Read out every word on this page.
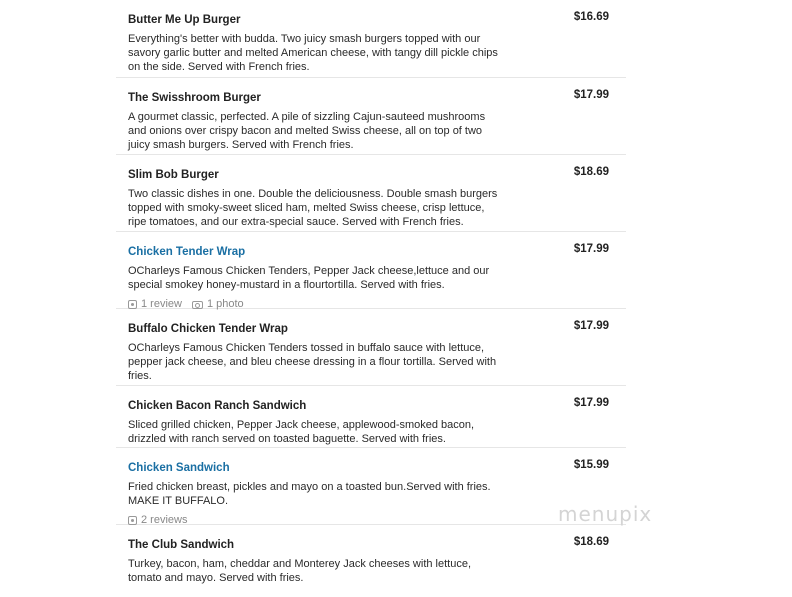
Butter Me Up Burger	$16.69

Everything's better with budda. Two juicy smash burgers topped with our savory garlic butter and melted American cheese, with tangy dill pickle chips on the side. Served with French fries.

The Swisshroom Burger	$17.99

A gourmet classic, perfected. A pile of sizzling Cajun-sauteed mushrooms and onions over crispy bacon and melted Swiss cheese, all on top of two juicy smash burgers. Served with French fries.

Slim Bob Burger	$18.69

Two classic dishes in one. Double the deliciousness. Double smash burgers topped with smoky-sweet sliced ham, melted Swiss cheese, crisp lettuce, ripe tomatoes, and our extra-special sauce. Served with French fries.

Chicken Tender Wrap	$17.99

OCharleys Famous Chicken Tenders, Pepper Jack cheese,lettuce and our special smokey honey-mustard in a flourtortilla. Served with fries.

1 review 1 photo
Buffalo Chicken Tender Wrap	$17.99

OCharleys Famous Chicken Tenders tossed in buffalo sauce with lettuce, pepper jack cheese, and bleu cheese dressing in a flour tortilla. Served with fries.

Chicken Bacon Ranch Sandwich	$17.99

Sliced grilled chicken, Pepper Jack cheese, applewood-smoked bacon, drizzled with ranch served on toasted baguette. Served with fries.

Chicken Sandwich	$15.99

Fried chicken breast, pickles and mayo on a toasted bun.Served with fries. MAKE IT BUFFALO.

2 reviews
The Club Sandwich	$18.69

Turkey, bacon, ham, cheddar and Monterey Jack cheeses with lettuce, tomato and mayo. Served with fries.

menupix
